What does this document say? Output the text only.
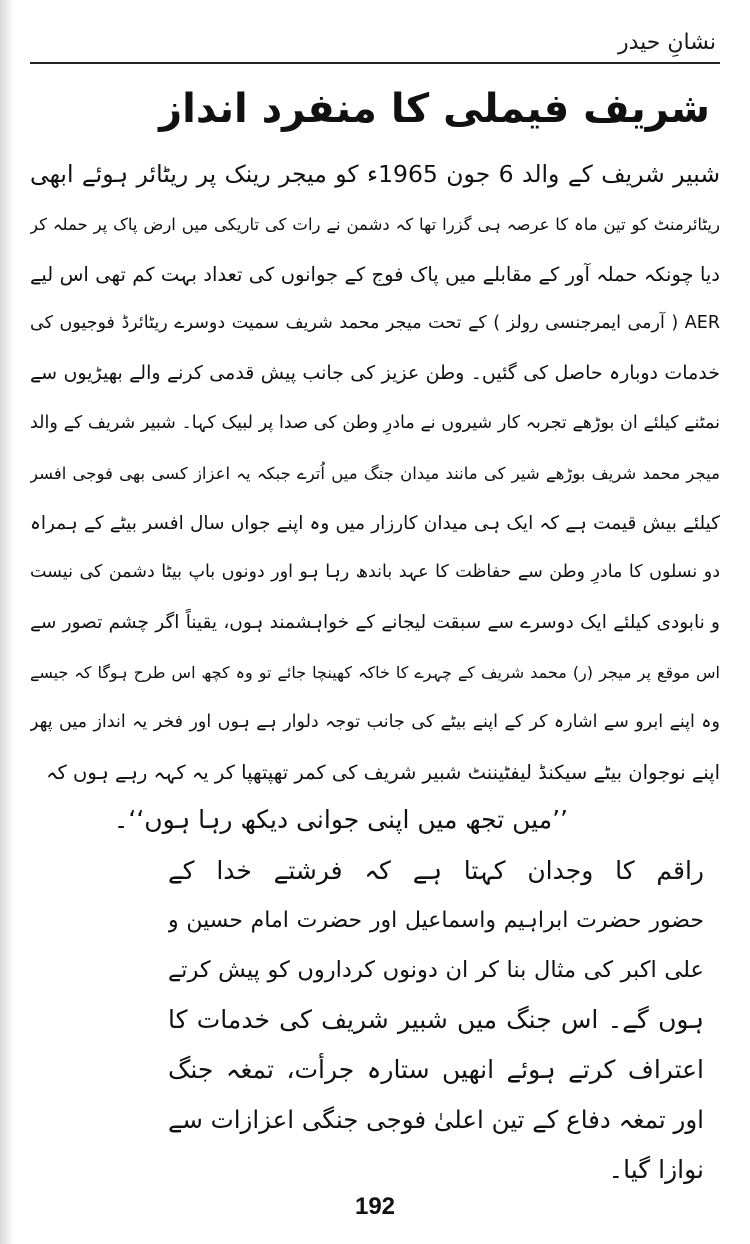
نشانِ حیدر
شریف فیملی کا منفرد انداز
شبیر شریف کے والد 6 جون 1965ء کو میجر رینک پر ریٹائر ہوئے ابھی
ریٹائرمنٹ کو تین ماہ کا عرصہ ہی گزرا تھا کہ دشمن نے رات کی تاریکی میں ارض پاک پر حملہ کر
دیا چونکہ حملہ آور کے مقابلے میں پاک فوج کے جوانوں کی تعداد بہت کم تھی اس لیے
AER ( آرمی ایمرجنسی رولز ) کے تحت میجر محمد شریف سمیت دوسرے ریٹائرڈ فوجیوں کی
خدمات دوبارہ حاصل کی گئیں۔ وطن عزیز کی جانب پیش قدمی کرنے والے بھیڑیوں سے
نمٹنے کیلئے ان بوڑھے تجربہ کار شیروں نے مادرِ وطن کی صدا پر لبیک کہا۔ شبیر شریف کے والد
میجر محمد شریف بوڑھے شیر کی مانند میدان جنگ میں اُترے جبکہ یہ اعزاز کسی بھی فوجی افسر
کیلئے بیش قیمت ہے کہ ایک ہی میدان کارزار میں وہ اپنے جواں سال افسر بیٹے کے ہمراہ
دو نسلوں کا مادرِ وطن سے حفاظت کا عہد باندھ رہا ہو اور دونوں باپ بیٹا دشمن کی نیست
و نابودی کیلئے ایک دوسرے سے سبقت لیجانے کے خواہشمند ہوں، یقیناً اگر چشم تصور سے
اس موقع پر میجر (ر) محمد شریف کے چہرے کا خاکہ کھینچا جائے تو وہ کچھ اس طرح ہوگا کہ جیسے
وہ اپنے ابرو سے اشارہ کر کے اپنے بیٹے کی جانب توجہ دلوار ہے ہوں اور فخر یہ انداز میں پھر
اپنے نوجوان بیٹے سیکنڈ لیفٹیننٹ شبیر شریف کی کمر تھپتھپا کر یہ کہہ رہے ہوں کہ
’’میں تجھ میں اپنی جوانی دیکھ رہا ہوں‘‘۔
راقم کا وجدان کہتا ہے کہ فرشتے خدا کے
حضور حضرت ابراہیم واسماعیل اور حضرت امام حسین و
علی اکبر کی مثال بنا کر ان دونوں کرداروں کو پیش کرتے
ہوں گے۔ اس جنگ میں شبیر شریف کی خدمات کا
اعتراف کرتے ہوئے انھیں ستارہ جرأت، تمغہ جنگ
اور تمغہ دفاع کے تین اعلیٰ فوجی جنگی اعزازات سے
نوازا گیا۔
192
